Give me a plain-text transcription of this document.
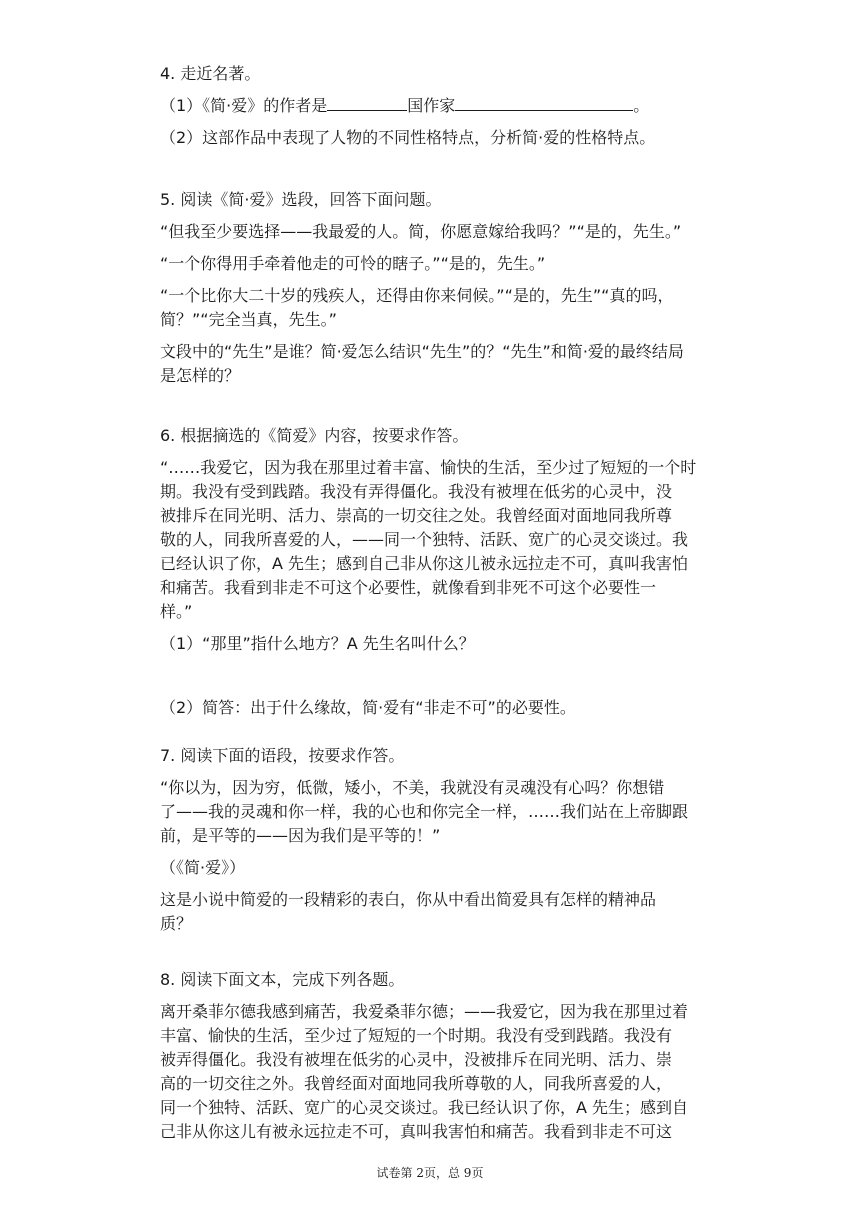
4. 走近名著。

（1）《简·爱》的作者是	国作家	。

（2）这部作品中表现了人物的不同性格特点，分析简·爱的性格特点。

5. 阅读《简·爱》选段，回答下面问题。

“但我至少要选择——我最爱的人。简，你愿意嫁给我吗？”“是的，先生。”

“一个你得用手牵着他走的可怜的瞎子。”“是的，先生。”

“一个比你大二十岁的残疾人，还得由你来伺候。”“是的，先生”“真的吗，

简？”“完全当真，先生。”

文段中的“先生”是谁？简·爱怎么结识“先生”的？“先生”和简·爱的最终结局

是怎样的？

6. 根据摘选的《简爱》内容，按要求作答。

“……我爱它，因为我在那里过着丰富、愉快的生活，至少过了短短的一个时

期。我没有受到践踏。我没有弄得僵化。我没有被埋在低劣的心灵中，没

被排斥在同光明、活力、崇高的一切交往之处。我曾经面对面地同我所尊

敬的人，同我所喜爱的人，——同一个独特、活跃、宽广的心灵交谈过。我

已经认识了你，A 先生；感到自己非从你这儿被永远拉走不可，真叫我害怕

和痛苦。我看到非走不可这个必要性，就像看到非死不可这个必要性一

样。”

（1）“那里”指什么地方？A 先生名叫什么？

（2）简答：出于什么缘故，简·爱有“非走不可”的必要性。

7. 阅读下面的语段，按要求作答。

“你以为，因为穷，低微，矮小，不美，我就没有灵魂没有心吗？你想错

了——我的灵魂和你一样，我的心也和你完全一样，……我们站在上帝脚跟

前，是平等的——因为我们是平等的！”

（《简·爱》）

这是小说中简爱的一段精彩的表白，你从中看出简爱具有怎样的精神品

质？

8. 阅读下面文本，完成下列各题。

离开桑菲尔德我感到痛苦，我爱桑菲尔德；——我爱它，因为我在那里过着

丰富、愉快的生活，至少过了短短的一个时期。我没有受到践踏。我没有

被弄得僵化。我没有被埋在低劣的心灵中，没被排斥在同光明、活力、崇

高的一切交往之外。我曾经面对面地同我所尊敬的人，同我所喜爱的人，

同一个独特、活跃、宽广的心灵交谈过。我已经认识了你，A 先生；感到自

己非从你这儿有被永远拉走不可，真叫我害怕和痛苦。我看到非走不可这

试卷第 2页，总 9页
